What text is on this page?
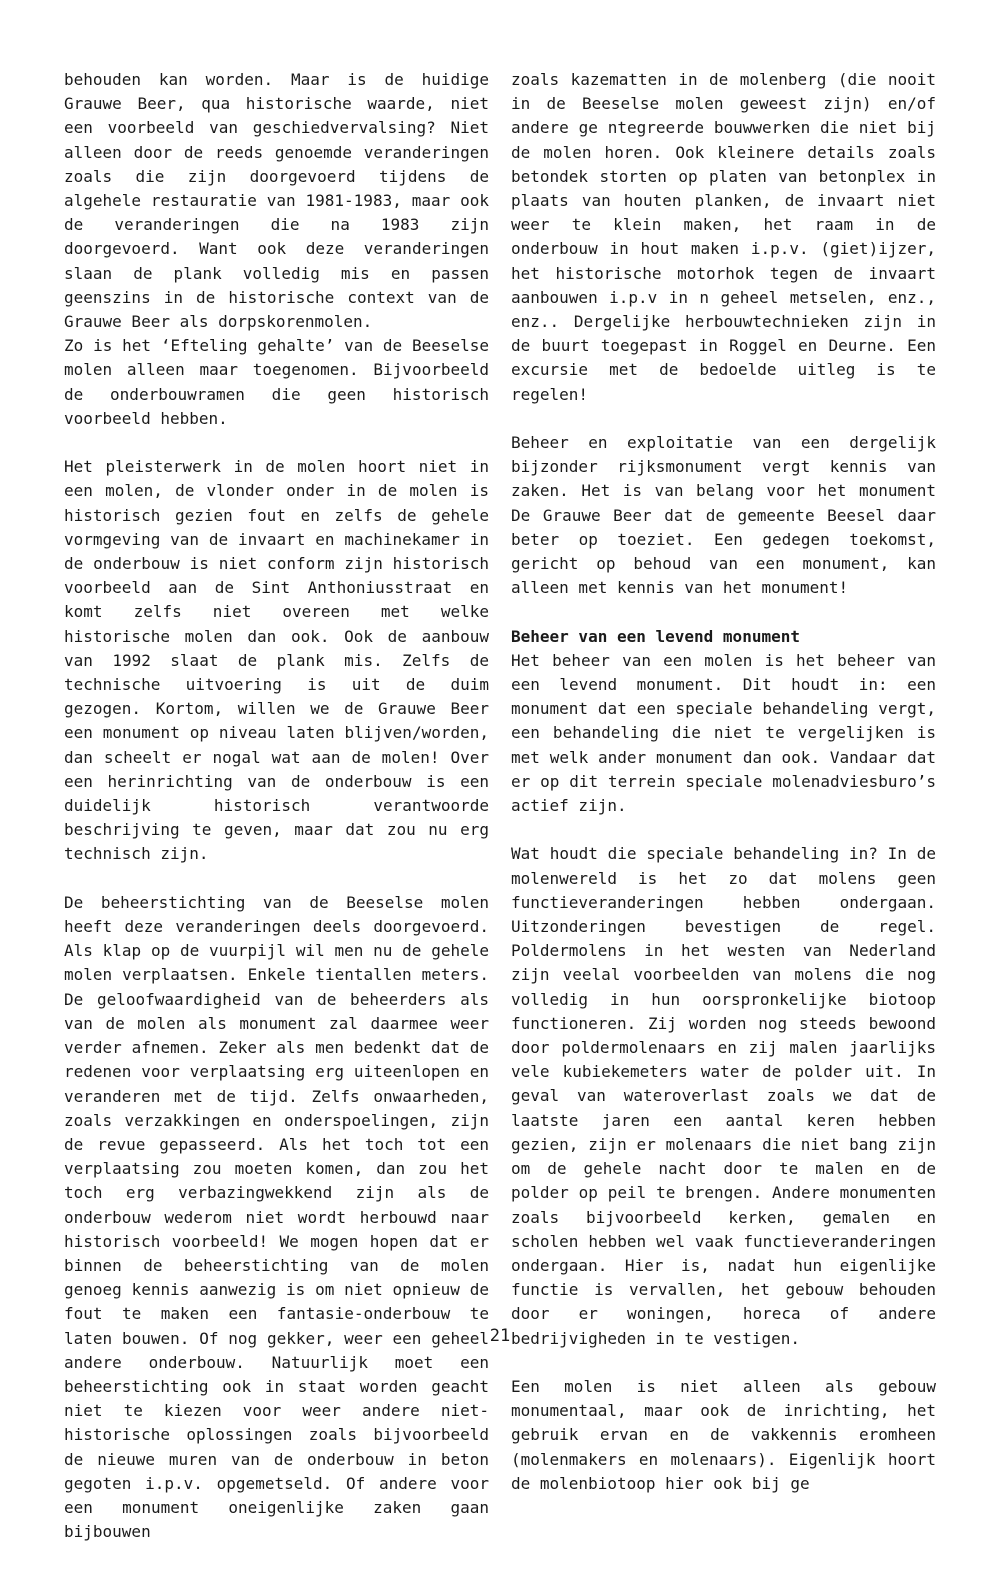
behouden kan worden. Maar is de huidige Grauwe Beer, qua historische waarde, niet een voorbeeld van geschiedvervalsing? Niet alleen door de reeds genoemde veranderingen zoals die zijn doorgevoerd tijdens de algehele restauratie van 1981-1983, maar ook de veranderingen die na 1983 zijn doorgevoerd. Want ook deze veranderingen slaan de plank volledig mis en passen geenszins in de historische context van de Grauwe Beer als dorpskorenmolen.

Zo is het ‘Efteling gehalte’ van de Beeselse molen alleen maar toegenomen. Bijvoorbeeld de onderbouwramen die geen historisch voorbeeld hebben.

Het pleisterwerk in de molen hoort niet in een molen, de vlonder onder in de molen is historisch gezien fout en zelfs de gehele vormgeving van de invaart en machinekamer in de onderbouw is niet conform zijn historisch voorbeeld aan de Sint Anthoniusstraat en komt zelfs niet overeen met welke historische molen dan ook. Ook de aanbouw van 1992 slaat de plank mis. Zelfs de technische uitvoering is uit de duim gezogen. Kortom, willen we de Grauwe Beer een monument op niveau laten blijven/worden, dan scheelt er nogal wat aan de molen! Over een herinrichting van de onderbouw is een duidelijk historisch verantwoorde beschrijving te geven, maar dat zou nu erg technisch zijn.

De beheerstichting van de Beeselse molen heeft deze veranderingen deels doorgevoerd. Als klap op de vuurpijl wil men nu de gehele molen verplaatsen. Enkele tientallen meters. De geloofwaardigheid van de beheerders als van de molen als monument zal daarmee weer verder afnemen. Zeker als men bedenkt dat de redenen voor verplaatsing erg uiteenlopen en veranderen met de tijd. Zelfs onwaarheden, zoals verzakkingen en onderspoelingen, zijn de revue gepasseerd. Als het toch tot een verplaatsing zou moeten komen, dan zou het toch erg verbazingwekkend zijn als de onderbouw wederom niet wordt herbouwd naar historisch voorbeeld! We mogen hopen dat er binnen de beheerstichting van de molen genoeg kennis aanwezig is om niet opnieuw de fout te maken een fantasie-onderbouw te laten bouwen. Of nog gekker, weer een geheel andere onderbouw. Natuurlijk moet een beheerstichting ook in staat worden geacht niet te kiezen voor weer andere niet-historische oplossingen zoals bijvoorbeeld de nieuwe muren van de onderbouw in beton gegoten i.p.v. opgemetseld. Of andere voor een monument oneigenlijke zaken gaan bijbouwen

zoals kazematten in de molenberg (die nooit in de Beeselse molen geweest zijn) en/of andere ge ntegreerde bouwwerken die niet bij de molen horen. Ook kleinere details zoals betondek storten op platen van betonplex in plaats van houten planken, de invaart niet weer te klein maken, het raam in de onderbouw in hout maken i.p.v. (giet)ijzer, het historische motorhok tegen de invaart aanbouwen i.p.v in n geheel metselen, enz., enz.. Dergelijke herbouwtechnieken zijn in de buurt toegepast in Roggel en Deurne. Een excursie met de bedoelde uitleg is te regelen!

Beheer en exploitatie van een dergelijk bijzonder rijksmonument vergt kennis van zaken. Het is van belang voor het monument De Grauwe Beer dat de gemeente Beesel daar beter op toeziet. Een gedegen toekomst, gericht op behoud van een monument, kan alleen met kennis van het monument!

Beheer van een levend monument

Het beheer van een molen is het beheer van een levend monument. Dit houdt in: een monument dat een speciale behandeling vergt, een behandeling die niet te vergelijken is met welk ander monument dan ook. Vandaar dat er op dit terrein speciale molenadviesburo’s actief zijn.

Wat houdt die speciale behandeling in? In de molenwereld is het zo dat molens geen functieveranderingen hebben ondergaan. Uitzonderingen bevestigen de regel. Poldermolens in het westen van Nederland zijn veelal voorbeelden van molens die nog volledig in hun oorspronkelijke biotoop functioneren. Zij worden nog steeds bewoond door poldermolenaars en zij malen jaarlijks vele kubiekemeters water de polder uit. In geval van wateroverlast zoals we dat de laatste jaren een aantal keren hebben gezien, zijn er molenaars die niet bang zijn om de gehele nacht door te malen en de polder op peil te brengen. Andere monumenten zoals bijvoorbeeld kerken, gemalen en scholen hebben wel vaak functieveranderingen ondergaan. Hier is, nadat hun eigenlijke functie is vervallen, het gebouw behouden door er woningen, horeca of andere bedrijvigheden in te vestigen.

Een molen is niet alleen als gebouw monumentaal, maar ook de inrichting, het gebruik ervan en de vakkennis eromheen (molenmakers en molenaars). Eigenlijk hoort de molenbiotoop hier ook bij ge

21
